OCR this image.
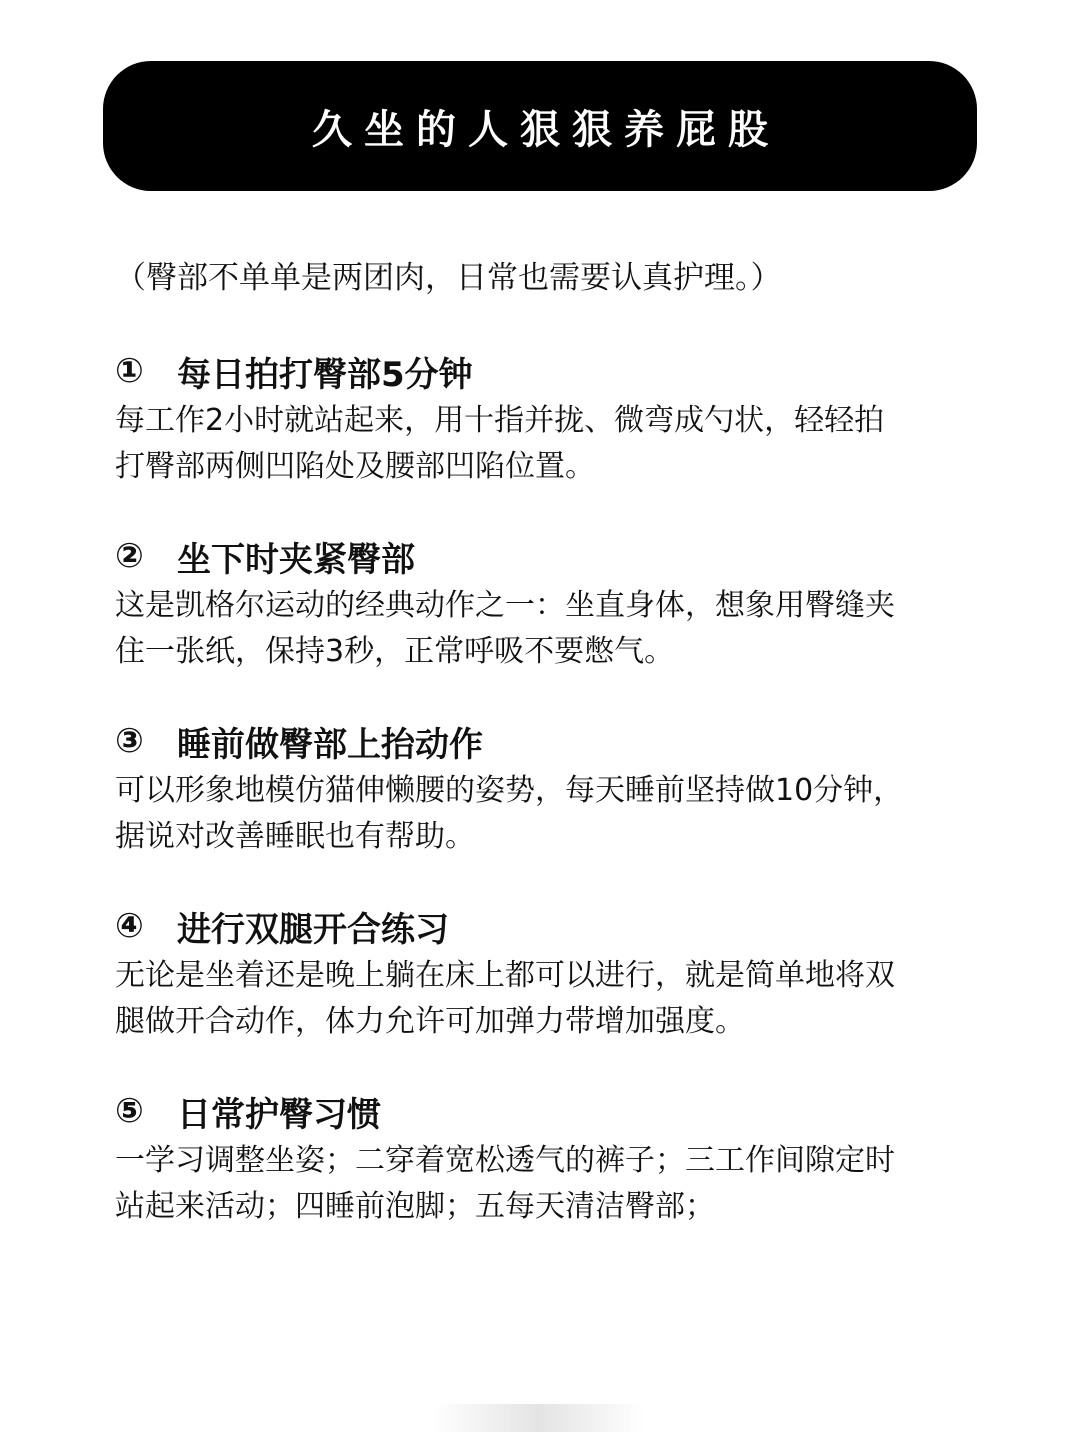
久坐的人狠狠养屁股
（臀部不单单是两团肉，日常也需要认真护理。）
① 每日拍打臀部5分钟
每工作2小时就站起来，用十指并拢、微弯成勺状，轻轻拍
打臀部两侧凹陷处及腰部凹陷位置。
② 坐下时夹紧臀部
这是凯格尔运动的经典动作之一：坐直身体，想象用臀缝夹
住一张纸，保持3秒，正常呼吸不要憋气。
③ 睡前做臀部上抬动作
可以形象地模仿猫伸懒腰的姿势，每天睡前坚持做10分钟，
据说对改善睡眠也有帮助。
④ 进行双腿开合练习
无论是坐着还是晚上躺在床上都可以进行，就是简单地将双
腿做开合动作，体力允许可加弹力带增加强度。
⑤ 日常护臀习惯
一学习调整坐姿；二穿着宽松透气的裤子；三工作间隙定时
站起来活动；四睡前泡脚；五每天清洁臀部；
